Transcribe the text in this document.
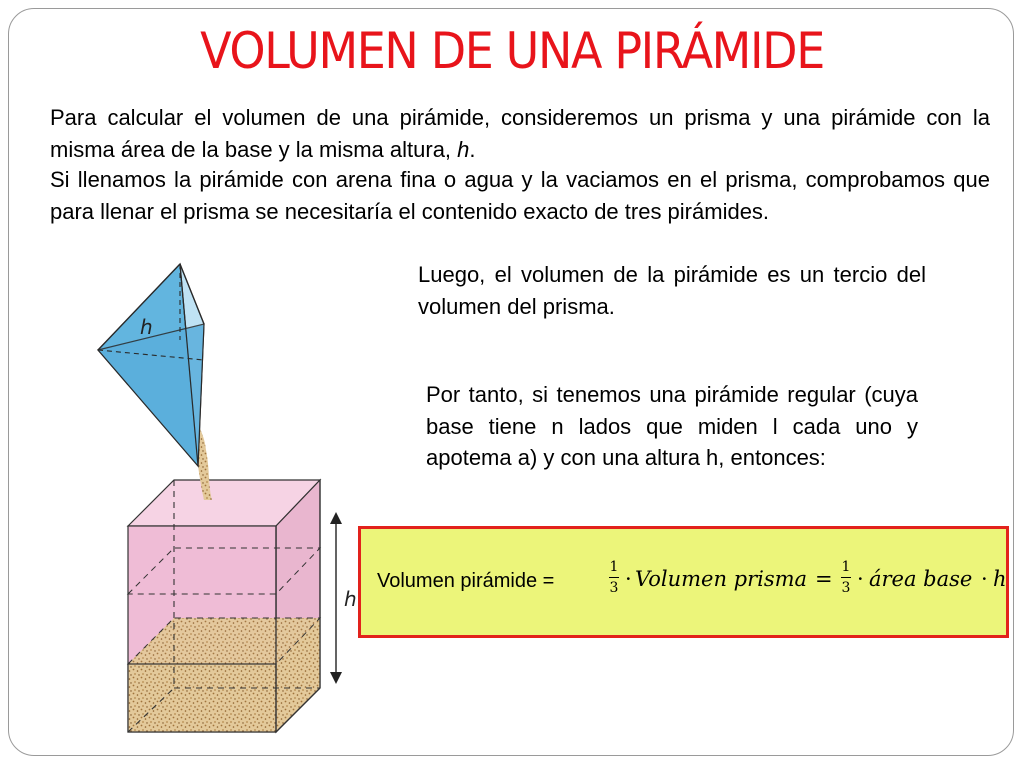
VOLUMEN DE UNA PIRÁMIDE

Para calcular el volumen de una pirámide, consideremos un prisma y una pirámide con la misma área de la base y la misma altura, h.

Si llenamos la pirámide con arena fina o agua y la vaciamos en el prisma, comprobamos que para llenar el prisma se necesitaría el contenido exacto de tres pirámides.

Luego, el volumen de la pirámide es un tercio del volumen del prisma.

Por tanto, si tenemos una pirámide regular (cuya base tiene n lados que miden l cada uno y apotema a) y con una altura h, entonces:

h
h
Volumen pirámide =
1
3 · Volumen prisma = 1
3 · área base · h
